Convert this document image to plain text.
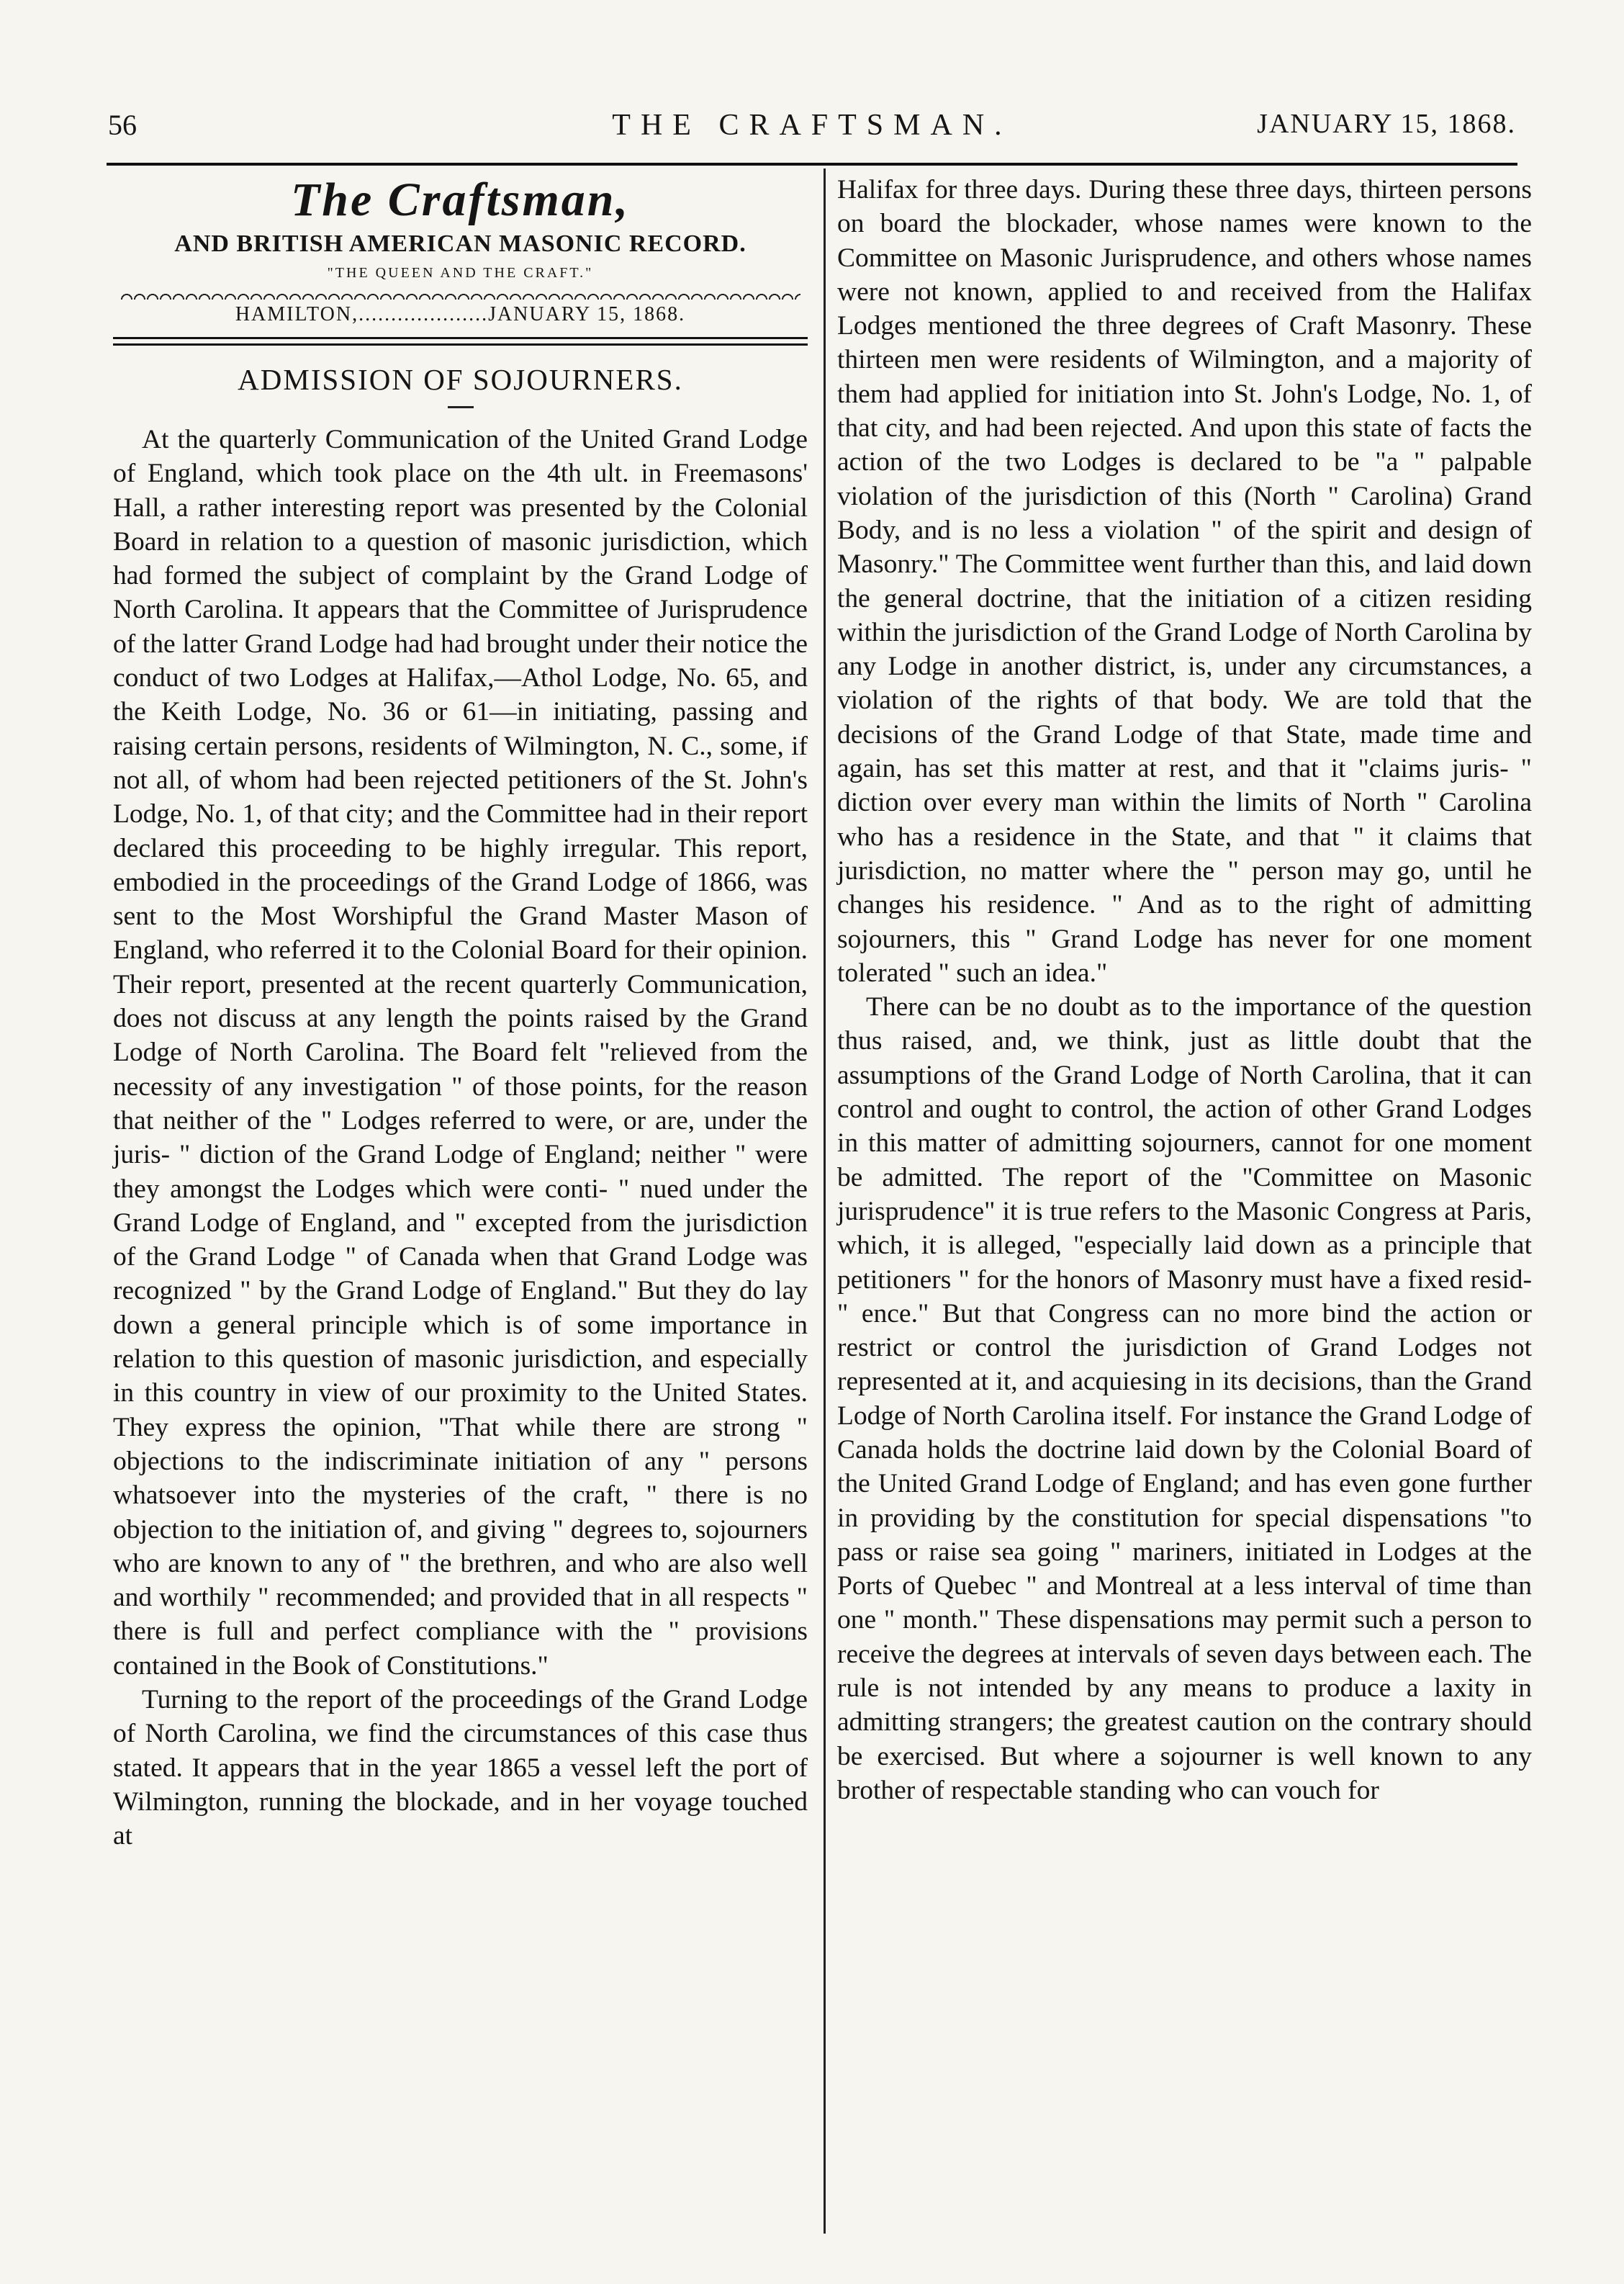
56	THE CRAFTSMAN.	JANUARY 15, 1868.
The Craftsman,
AND BRITISH AMERICAN MASONIC RECORD.
"THE QUEEN AND THE CRAFT."
HAMILTON,....................JANUARY 15, 1868.
ADMISSION OF SOJOURNERS.

At the quarterly Communication of the United Grand Lodge of England, which took place on the 4th ult. in Freemasons' Hall, a rather interesting report was presented by the Colonial Board in relation to a question of masonic jurisdiction, which had formed the subject of complaint by the Grand Lodge of North Carolina. It appears that the Committee of Jurisprudence of the latter Grand Lodge had had brought under their notice the conduct of two Lodges at Halifax,—Athol Lodge, No. 65, and the Keith Lodge, No. 36 or 61—in initiating, passing and raising certain persons, residents of Wilmington, N. C., some, if not all, of whom had been rejected petitioners of the St. John's Lodge, No. 1, of that city; and the Committee had in their report declared this proceeding to be highly irregular. This report, embodied in the proceedings of the Grand Lodge of 1866, was sent to the Most Worshipful the Grand Master Mason of England, who referred it to the Colonial Board for their opinion. Their report, presented at the recent quarterly Communication, does not discuss at any length the points raised by the Grand Lodge of North Carolina. The Board felt "relieved from the necessity of any investigation " of those points, for the reason that neither of the " Lodges referred to were, or are, under the juris- " diction of the Grand Lodge of England; neither " were they amongst the Lodges which were conti- " nued under the Grand Lodge of England, and " excepted from the jurisdiction of the Grand Lodge " of Canada when that Grand Lodge was recognized " by the Grand Lodge of England." But they do lay down a general principle which is of some importance in relation to this question of masonic jurisdiction, and especially in this country in view of our proximity to the United States. They express the opinion, "That while there are strong " objections to the indiscriminate initiation of any " persons whatsoever into the mysteries of the craft, " there is no objection to the initiation of, and giving " degrees to, sojourners who are known to any of " the brethren, and who are also well and worthily " recommended; and provided that in all respects " there is full and perfect compliance with the " provisions contained in the Book of Constitutions."

Turning to the report of the proceedings of the Grand Lodge of North Carolina, we find the circumstances of this case thus stated. It appears that in the year 1865 a vessel left the port of Wilmington, running the blockade, and in her voyage touched at

Halifax for three days. During these three days, thirteen persons on board the blockader, whose names were known to the Committee on Masonic Jurisprudence, and others whose names were not known, applied to and received from the Halifax Lodges mentioned the three degrees of Craft Masonry. These thirteen men were residents of Wilmington, and a majority of them had applied for initiation into St. John's Lodge, No. 1, of that city, and had been rejected. And upon this state of facts the action of the two Lodges is declared to be "a " palpable violation of the jurisdiction of this (North " Carolina) Grand Body, and is no less a violation " of the spirit and design of Masonry." The Committee went further than this, and laid down the general doctrine, that the initiation of a citizen residing within the jurisdiction of the Grand Lodge of North Carolina by any Lodge in another district, is, under any circumstances, a violation of the rights of that body. We are told that the decisions of the Grand Lodge of that State, made time and again, has set this matter at rest, and that it "claims juris- " diction over every man within the limits of North " Carolina who has a residence in the State, and that " it claims that jurisdiction, no matter where the " person may go, until he changes his residence. " And as to the right of admitting sojourners, this " Grand Lodge has never for one moment tolerated " such an idea."

There can be no doubt as to the importance of the question thus raised, and, we think, just as little doubt that the assumptions of the Grand Lodge of North Carolina, that it can control and ought to control, the action of other Grand Lodges in this matter of admitting sojourners, cannot for one moment be admitted. The report of the "Committee on Masonic jurisprudence" it is true refers to the Masonic Congress at Paris, which, it is alleged, "especially laid down as a principle that petitioners " for the honors of Masonry must have a fixed resid- " ence." But that Congress can no more bind the action or restrict or control the jurisdiction of Grand Lodges not represented at it, and acquiesing in its decisions, than the Grand Lodge of North Carolina itself. For instance the Grand Lodge of Canada holds the doctrine laid down by the Colonial Board of the United Grand Lodge of England; and has even gone further in providing by the constitution for special dispensations "to pass or raise sea going " mariners, initiated in Lodges at the Ports of Quebec " and Montreal at a less interval of time than one " month." These dispensations may permit such a person to receive the degrees at intervals of seven days between each. The rule is not intended by any means to produce a laxity in admitting strangers; the greatest caution on the contrary should be exercised. But where a sojourner is well known to any brother of respectable standing who can vouch for
